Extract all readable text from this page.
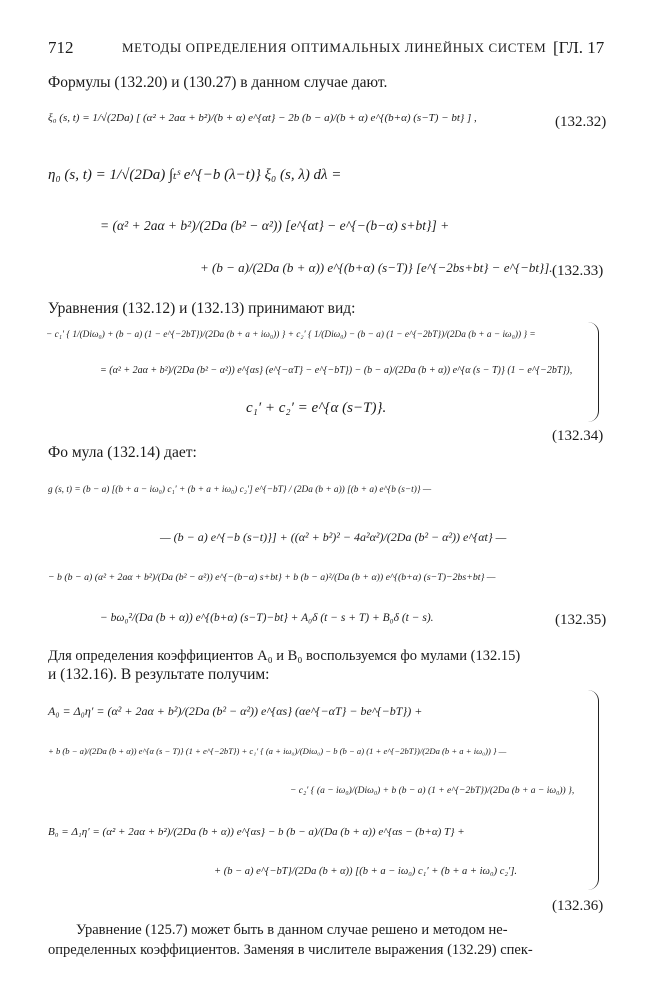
712	МЕТОДЫ ОПРЕДЕЛЕНИЯ ОПТИМАЛЬНЫХ ЛИНЕЙНЫХ СИСТЕМ [ГЛ. 17
Формулы (132.20) и (130.27) в данном случае дают.
ξ₀ (s, t) = 1/√(2Da) [ (α² + 2aα + b²)/(b + α) e^{αt} − 2b (b − a)/(b + α) e^{(b+α) (s−T) − bt} ] ,	(132.32)
η₀ (s, t) = 1/√(2Da) ∫ₜˢ e^{−b (λ−t)} ξ₀ (s, λ) dλ =
= (α² + 2aα + b²)/(2Da (b² − α²)) [e^{αt} − e^{−(b−α) s+bt}] +
+ (b − a)/(2Da (b + α)) e^{(b+α) (s−T)} [e^{−2bs+bt} − e^{−bt}]. (132.33)
Уравнения (132.12) и (132.13) принимают вид:
− c₁′ { 1/(Diω₀) + (b − a) (1 − e^{−2bT})/(2Da (b + a + iω₀)) } + c₂′ { 1/(Diω₀) − (b − a) (1 − e^{−2bT})/(2Da (b + a − iω₀)) } =
= (α² + 2aα + b²)/(2Da (b² − α²)) e^{αs} (e^{−αT} − e^{−bT}) − (b − a)/(2Da (b + α)) e^{α (s − T)} (1 − e^{−2bT}),
c₁′ + c₂′ = e^{α (s−T)}.
(132.34)
Фо мула (132.14) дает:
g (s, t) = (b − a) [(b + a − iω₀) c₁′ + (b + a + iω₀) c₂′] e^{−bT} / (2Da (b + a)) [(b + a) e^{b (s−t)} —
— (b − a) e^{−b (s−t)}] + ((α² + b²)² − 4a²α²)/(2Da (b² − α²)) e^{αt} —
− b (b − a) (α² + 2aα + b²)/(Da (b² − α²)) e^{−(b−α) s+bt} + b (b − a)²/(Da (b + α)) e^{(b+α) (s−T)−2bs+bt} —
− bω₀²/(Da (b + α)) e^{(b+α) (s−T)−bt} + A₀δ (t − s + T) + B₀δ (t − s).	(132.35)
Для определения коэффициентов A₀ и B₀ воспользуемся фо мулами (132.15)
и (132.16). В результате получим:
A₀ = Δ₀η′ = (α² + 2aα + b²)/(2Da (b² − α²)) e^{αs} (αe^{−αT} − be^{−bT}) +
+ b (b − a)/(2Da (b + α)) e^{α (s − T)} (1 + e^{−2bT}) + c₁′ { (a + iω₀)/(Diω₀) − b (b − a) (1 + e^{−2bT})/(2Da (b + a + iω₀)) } —
− c₂′ { (a − iω₀)/(Diω₀) + b (b − a) (1 + e^{−2bT})/(2Da (b + a − iω₀)) },
B₀ = Δ₁η′ = (α² + 2aα + b²)/(2Da (b + α)) e^{αs} − b (b − a)/(Da (b + α)) e^{αs − (b+α) T} +
+ (b − a) e^{−bT}/(2Da (b + α)) [(b + a − iω₀) c₁′ + (b + a + iω₀) c₂′].
(132.36)
Уравнение (125.7) может быть в данном случае решено и методом не-
определенных коэффициентов. Заменяя в числителе выражения (132.29) спек-
